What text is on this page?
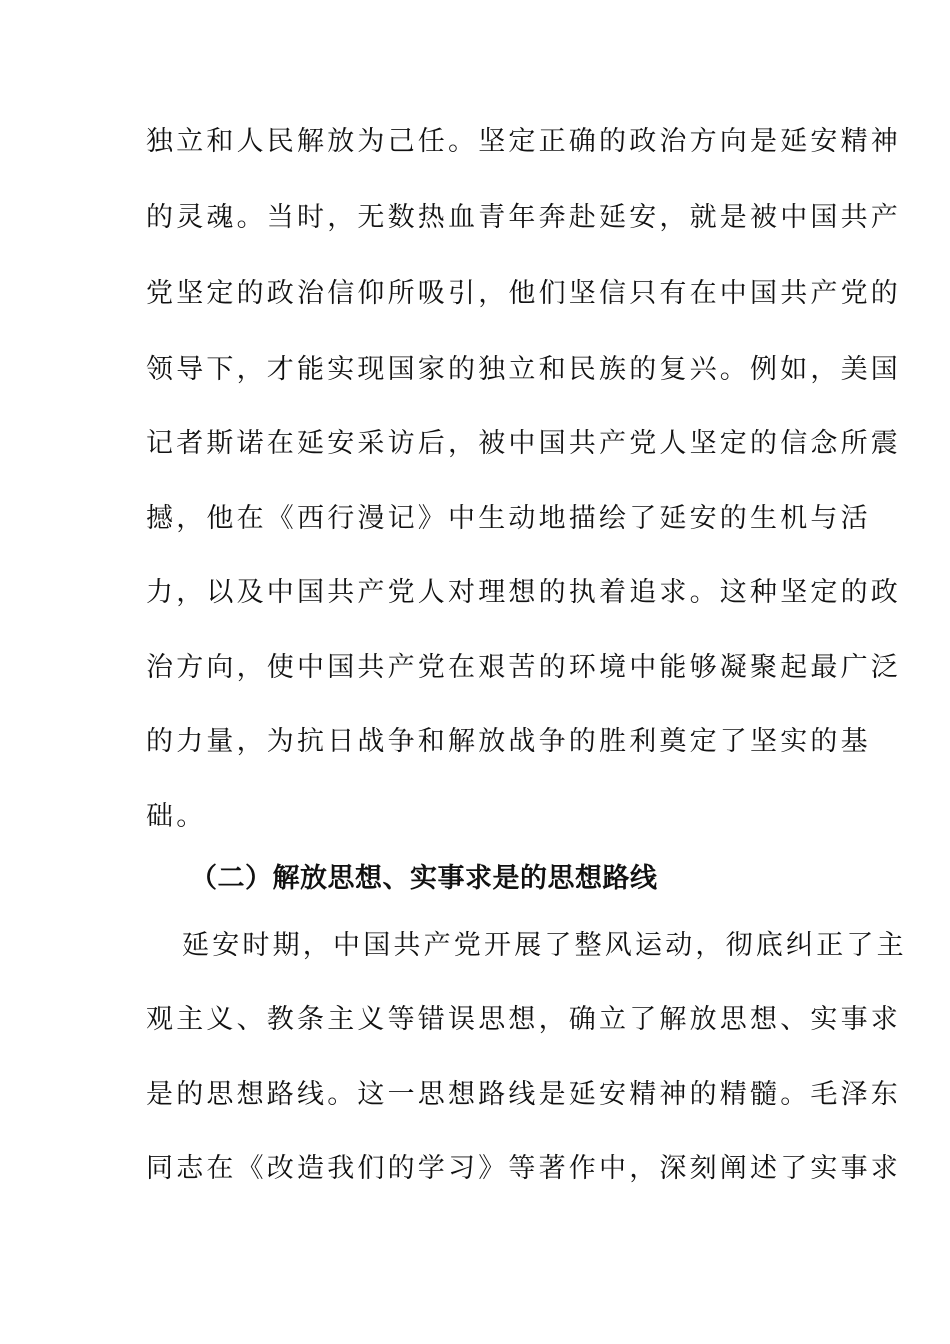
独立和人民解放为己任。坚定正确的政治方向是延安精神
的灵魂。当时，无数热血青年奔赴延安，就是被中国共产
党坚定的政治信仰所吸引，他们坚信只有在中国共产党的
领导下，才能实现国家的独立和民族的复兴。例如，美国
记者斯诺在延安采访后，被中国共产党人坚定的信念所震
撼，他在《西行漫记》中生动地描绘了延安的生机与活
力，以及中国共产党人对理想的执着追求。这种坚定的政
治方向，使中国共产党在艰苦的环境中能够凝聚起最广泛
的力量，为抗日战争和解放战争的胜利奠定了坚实的基
础。
（二）解放思想、实事求是的思想路线
延安时期，中国共产党开展了整风运动，彻底纠正了主
观主义、教条主义等错误思想，确立了解放思想、实事求
是的思想路线。这一思想路线是延安精神的精髓。毛泽东
同志在《改造我们的学习》等著作中，深刻阐述了实事求
